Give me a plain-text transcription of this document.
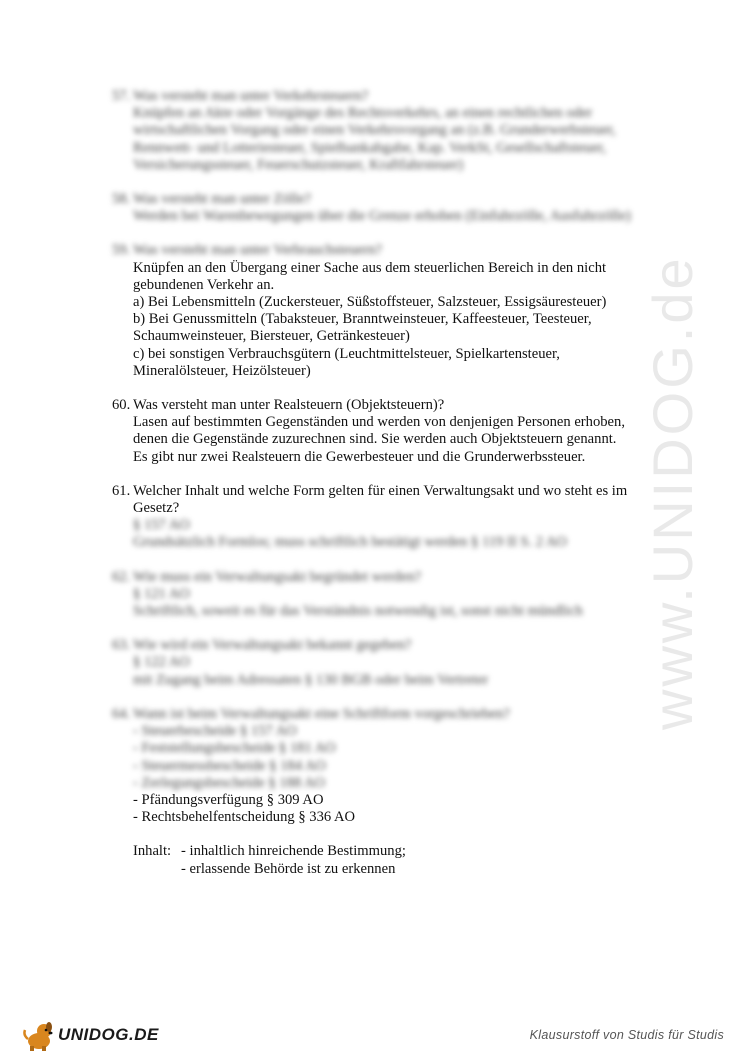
www.UNIDOG.de
57. Was versteht man unter Verkehrsteuern?
Knüpfen an Akte oder Vorgänge des Rechtsverkehrs, an einen rechtlichen oder
wirtschaftlichen Vorgang oder einen Verkehrsvorgang an (z.B. Grunderwerbsteuer,
Rennwett- und Lotteriesteuer, Spielbankabgabe, Kap. VerkSt, Gesellschaftsteuer,
Versicherungssteuer, Feuerschutzsteuer, Kraftfahrsteuer)
58. Was versteht man unter Zölle?
Werden bei Warenbewegungen über die Grenze erhoben (Einfuhrzölle, Ausfuhrzölle)
59. Was versteht man unter Verbrauchsteuern?
Knüpfen an den Übergang einer Sache aus dem steuerlichen Bereich in den nicht
gebundenen Verkehr an.
a) Bei Lebensmitteln (Zuckersteuer, Süßstoffsteuer, Salzsteuer, Essigsäuresteuer)
b) Bei Genussmitteln (Tabaksteuer, Branntweinsteuer, Kaffeesteuer, Teesteuer,
Schaumweinsteuer, Biersteuer, Getränkesteuer)
c) bei sonstigen Verbrauchsgütern (Leuchtmittelsteuer, Spielkartensteuer,
Mineralölsteuer, Heizölsteuer)
60. Was versteht man unter Realsteuern (Objektsteuern)?
Lasen auf bestimmten Gegenständen und werden von denjenigen Personen erhoben,
denen die Gegenstände zuzurechnen sind. Sie werden auch Objektsteuern genannt.
Es gibt nur zwei Realsteuern die Gewerbesteuer und die Grunderwerbssteuer.
61. Welcher Inhalt und welche Form gelten für einen Verwaltungsakt und wo steht es im
Gesetz?
§ 157 AO
Grundsätzlich Formlos; muss schriftlich bestätigt werden § 119 II S. 2 AO
62. Wie muss ein Verwaltungsakt begründet werden?
§ 121 AO
Schriftlich, soweit es für das Verständnis notwendig ist, sonst nicht mündlich
63. Wie wird ein Verwaltungsakt bekannt gegeben?
§ 122 AO
mit Zugang beim Adressaten § 130 BGB oder beim Vertreter
64. Wann ist beim Verwaltungsakt eine Schriftform vorgeschrieben?
- Steuerbescheide § 157 AO
- Feststellungsbescheide § 181 AO
- Steuermessbescheide § 184 AO
- Zerlegungsbescheide § 188 AO
- Pfändungsverfügung § 309 AO
- Rechtsbehelfentscheidung § 336 AO
Inhalt: - inhaltlich hinreichende Bestimmung;
- erlassende Behörde ist zu erkennen
UNIDOG.DE	Klausurstoff von Studis für Studis
